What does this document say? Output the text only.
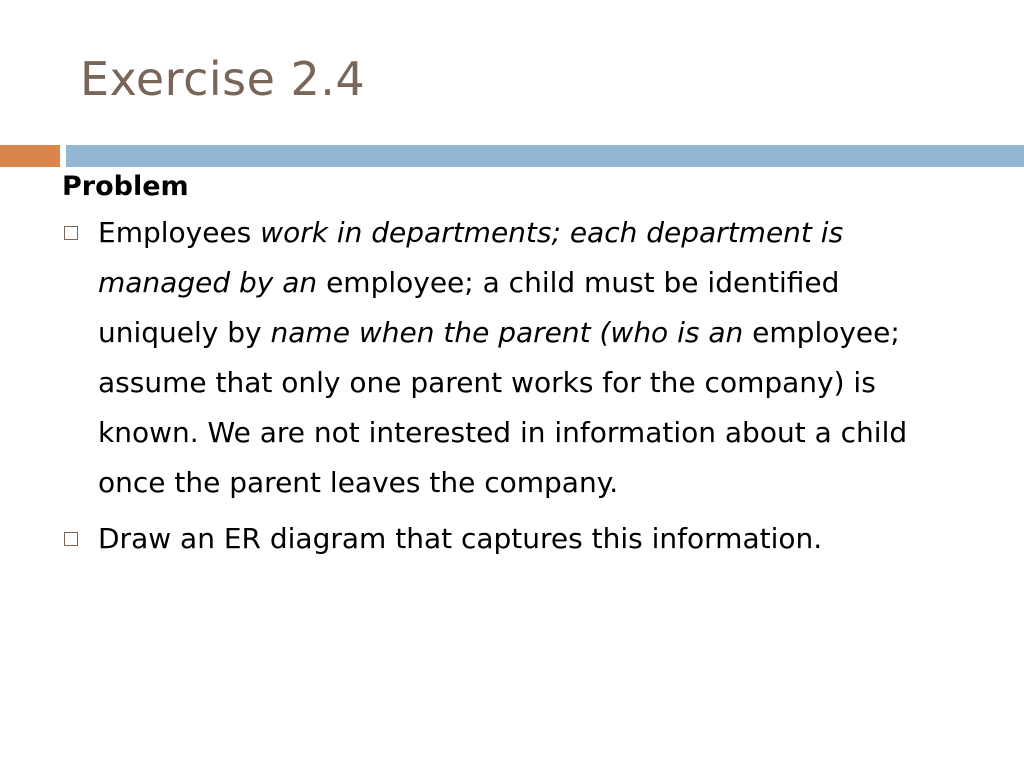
Exercise 2.4
Problem
Employees work in departments; each department is managed by an employee; a child must be identified uniquely by name when the parent (who is an employee; assume that only one parent works for the company) is known. We are not interested in information about a child once the parent leaves the company.
Draw an ER diagram that captures this information.
